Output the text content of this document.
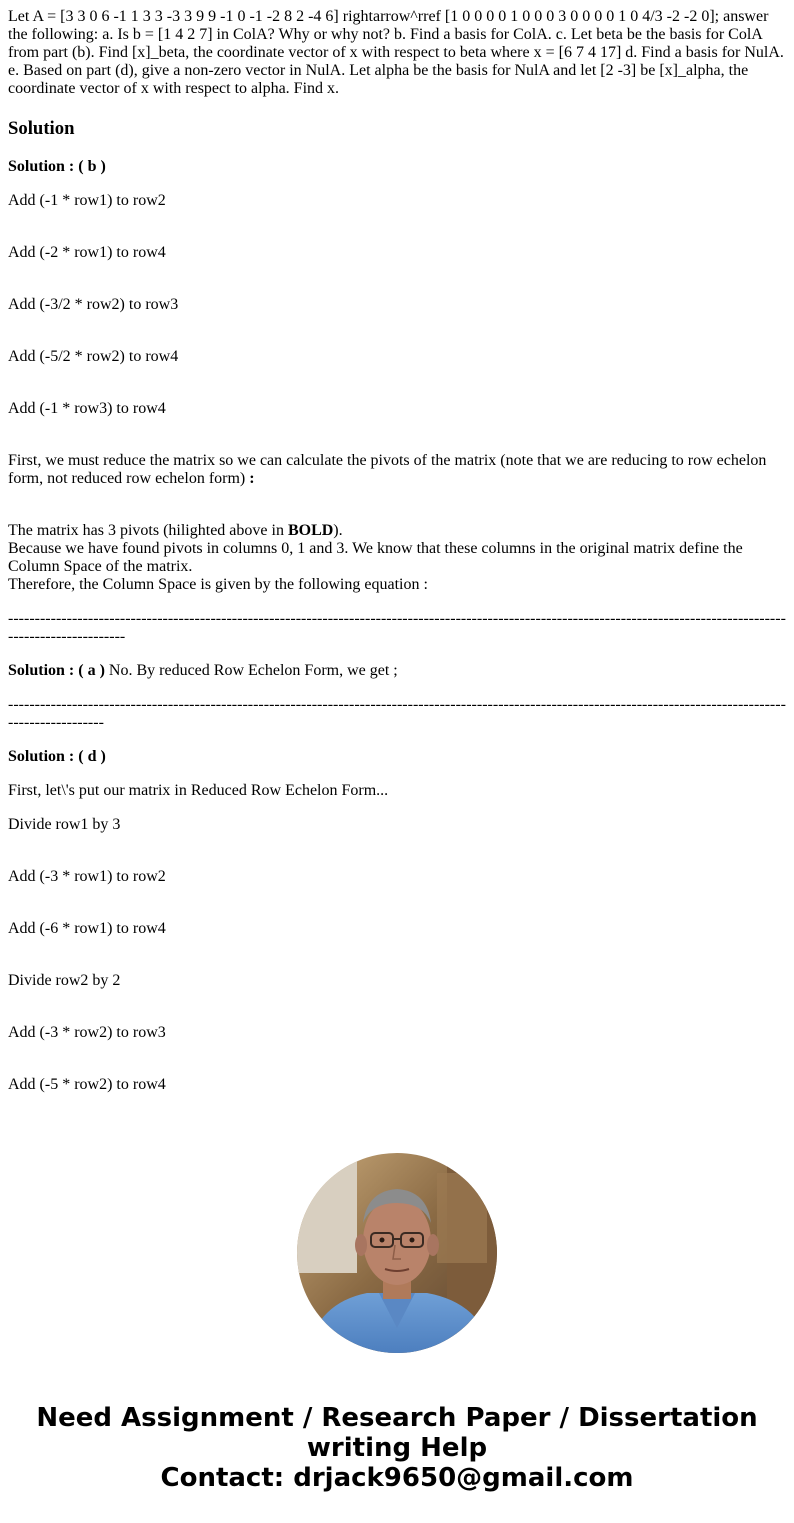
Let A = [3 3 0 6 -1 1 3 3 -3 3 9 9 -1 0 -1 -2 8 2 -4 6] rightarrow^rref [1 0 0 0 0 1 0 0 0 3 0 0 0 0 1 0 4/3 -2 -2 0]; answer the following: a. Is b = [1 4 2 7] in ColA? Why or why not? b. Find a basis for ColA. c. Let beta be the basis for ColA from part (b). Find [x]_beta, the coordinate vector of x with respect to beta where x = [6 7 4 17] d. Find a basis for NulA. e. Based on part (d), give a non-zero vector in NulA. Let alpha be the basis for NulA and let [2 -3] be [x]_alpha, the coordinate vector of x with respect to alpha. Find x.

Solution

Solution : ( b )

Add (-1 * row1) to row2

Add (-2 * row1) to row4

Add (-3/2 * row2) to row3

Add (-5/2 * row2) to row4

Add (-1 * row3) to row4

First, we must reduce the matrix so we can calculate the pivots of the matrix (note that we are reducing to row echelon form, not reduced row echelon form) :

The matrix has 3 pivots (hilighted above in BOLD).
Because we have found pivots in columns 0, 1 and 3. We know that these columns in the original matrix define the Column Space of the matrix.
Therefore, the Column Space is given by the following equation :

------------------------------------------------------------------------------------------------------------------------------------------------------------------------

Solution : ( a ) No. By reduced Row Echelon Form, we get ;

--------------------------------------------------------------------------------------------------------------------------------------------------------------------

Solution : ( d )

First, let\'s put our matrix in Reduced Row Echelon Form...

Divide row1 by 3

Add (-3 * row1) to row2

Add (-6 * row1) to row4

Divide row2 by 2

Add (-3 * row2) to row3

Add (-5 * row2) to row4

Need Assignment / Research Paper / Dissertation
writing Help
Contact: drjack9650@gmail.com
